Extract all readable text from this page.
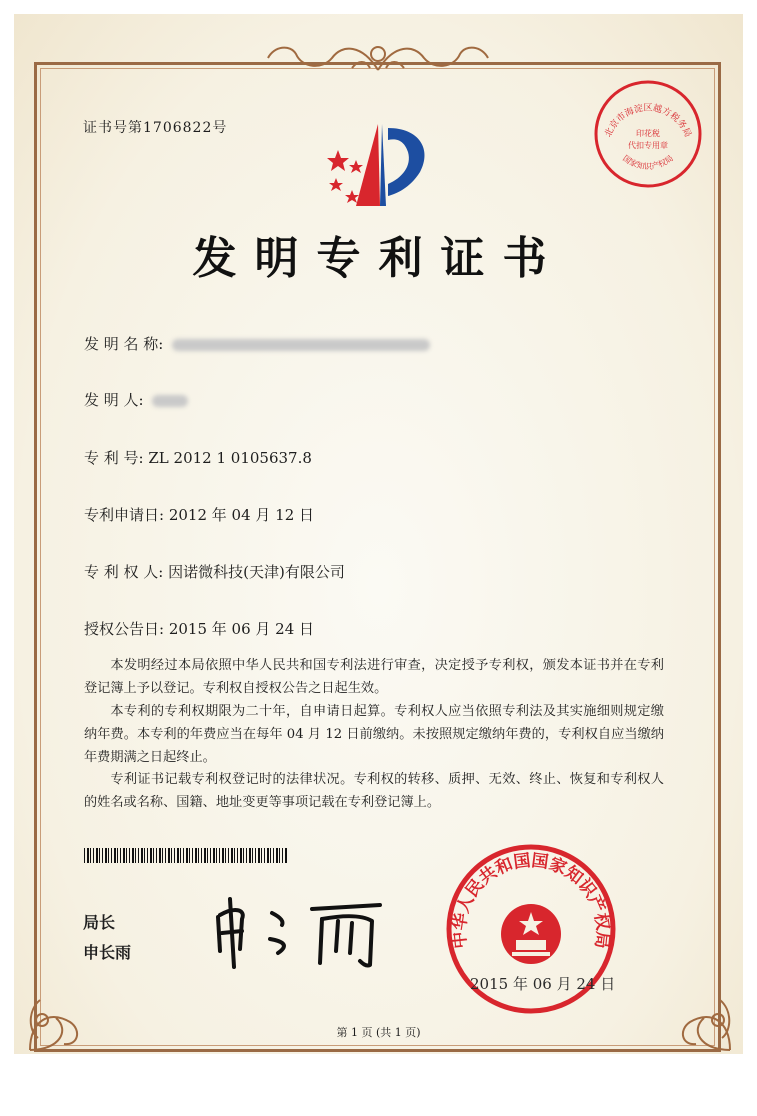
证书号第1706822号	北京市海淀区越方税务局
印花税
代扣专用章
国家知识产权局
发明专利证书
发 明 名 称:
发 明 人:
专 利 号: ZL 2012 1 0105637.8
专利申请日: 2012 年 04 月 12 日
专 利 权 人: 因诺微科技(天津)有限公司
授权公告日: 2015 年 06 月 24 日
本发明经过本局依照中华人民共和国专利法进行审查，决定授予专利权，颁发本证书并在专利登记簿上予以登记。专利权自授权公告之日起生效。
本专利的专利权期限为二十年，自申请日起算。专利权人应当依照专利法及其实施细则规定缴纳年费。本专利的年费应当在每年 04 月 12 日前缴纳。未按照规定缴纳年费的，专利权自应当缴纳年费期满之日起终止。
专利证书记载专利权登记时的法律状况。专利权的转移、质押、无效、终止、恢复和专利权人的姓名或名称、国籍、地址变更等事项记载在专利登记簿上。
局长
申长雨
中华人民共和国国家知识产权局
2015 年 06 月 24 日
第 1 页 (共 1 页)
